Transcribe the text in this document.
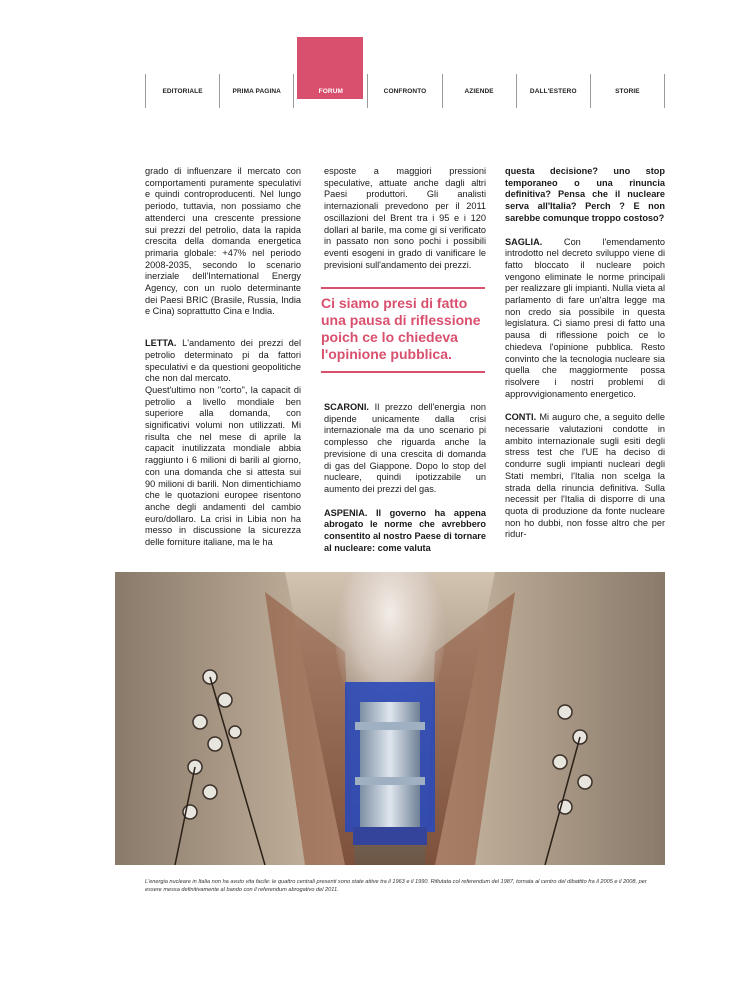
EDITORIALE	PRIMA PAGINA	FORUM	CONFRONTO	AZIENDE	DALL'ESTERO	STORIE

grado di influenzare il mercato con comportamenti puramente speculativi e quindi controproducenti. Nel lungo periodo, tuttavia, non possiamo che attenderci una crescente pressione sui prezzi del petrolio, data la rapida crescita della domanda energetica primaria globale: +47% nel periodo 2008-2035, secondo lo scenario inerziale dell'International Energy Agency, con un ruolo determinante dei Paesi BRIC (Brasile, Russia, India e Cina) soprattutto Cina e India.

LETTA. L'andamento dei prezzi del petrolio determinato pi da fattori speculativi e da questioni geopolitiche che non dal mercato.

Quest'ultimo non "corto", la capacit di petrolio a livello mondiale ben superiore alla domanda, con significativi volumi non utilizzati. Mi risulta che nel mese di aprile la capacit inutilizzata mondiale abbia raggiunto i 6 milioni di barili al giorno, con una domanda che si attesta sui 90 milioni di barili. Non dimentichiamo che le quotazioni europee risentono anche degli andamenti del cambio euro/dollaro. La crisi in Libia non ha messo in discussione la sicurezza delle forniture italiane, ma le ha

esposte a maggiori pressioni speculative, attuate anche dagli altri Paesi produttori. Gli analisti internazionali prevedono per il 2011 oscillazioni del Brent tra i 95 e i 120 dollari al barile, ma come gi si verificato in passato non sono pochi i possibili eventi esogeni in grado di vanificare le previsioni sull'andamento dei prezzi.

Ci siamo presi di fatto una pausa di riflessione poich ce lo chiedeva l'opinione pubblica.

SCARONI. Il prezzo dell'energia non dipende unicamente dalla crisi internazionale ma da uno scenario pi complesso che riguarda anche la previsione di una crescita di domanda di gas del Giappone. Dopo lo stop del nucleare, quindi ipotizzabile un aumento dei prezzi del gas.

ASPENIA. Il governo ha appena abrogato le norme che avrebbero consentito al nostro Paese di tornare al nucleare: come valuta

questa decisione? uno stop temporaneo o una rinuncia definitiva? Pensa che il nucleare serva all'Italia? Perch ? E non sarebbe comunque troppo costoso?

SAGLIA. Con l'emendamento introdotto nel decreto sviluppo viene di fatto bloccato il nucleare poich vengono eliminate le norme principali per realizzare gli impianti. Nulla vieta al parlamento di fare un'altra legge ma non credo sia possibile in questa legislatura. Ci siamo presi di fatto una pausa di riflessione poich ce lo chiedeva l'opinione pubblica. Resto convinto che la tecnologia nucleare sia quella che maggiormente possa risolvere i nostri problemi di approvvigionamento energetico.

CONTI. Mi auguro che, a seguito delle necessarie valutazioni condotte in ambito internazionale sugli esiti degli stress test che l'UE ha deciso di condurre sugli impianti nucleari degli Stati membri, l'Italia non scelga la strada della rinuncia definitiva. Sulla necessit per l'Italia di disporre di una quota di produzione da fonte nucleare non ho dubbi, non fosse altro che per ridur-

L'energia nucleare in Italia non ha avuto vita facile: le quattro centrali presenti sono state attive tra il 1963 e il 1990. Rifiutata col referendum del 1987, tornata al centro del dibattito fra il 2005 e il 2008, per essere messa definitivamente al bando con il referendum abrogativo del 2011.
